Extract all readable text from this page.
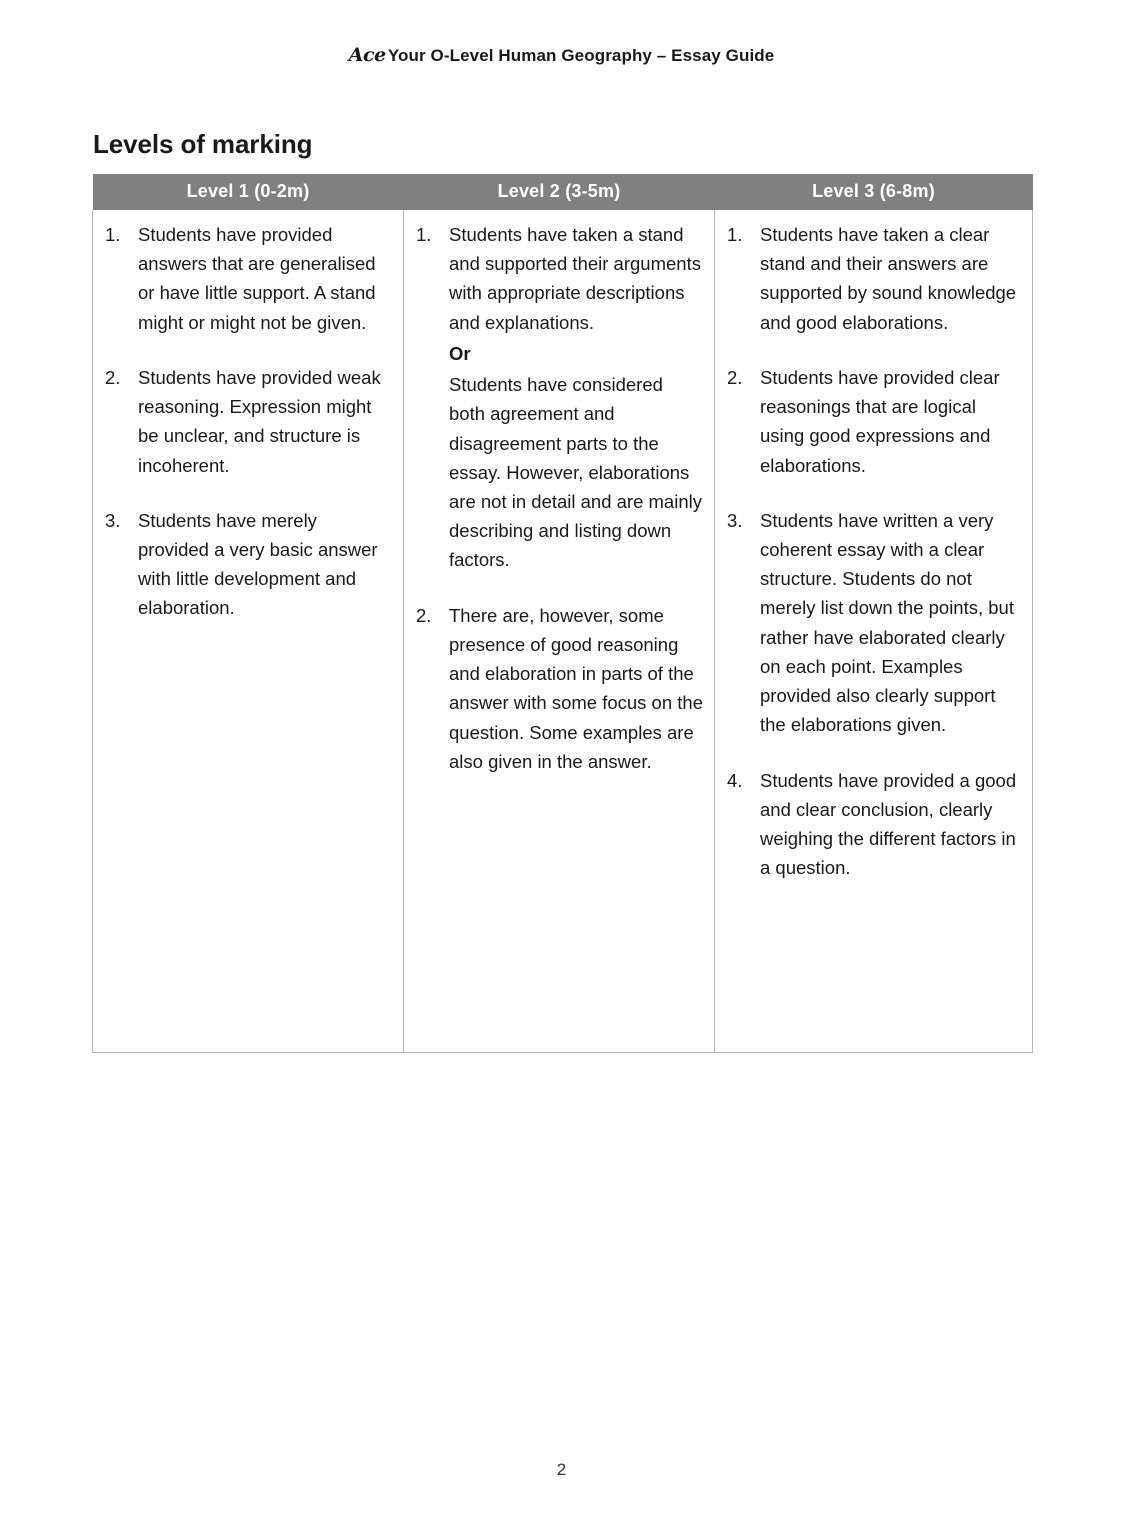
Ace Your O-Level Human Geography – Essay Guide
Levels of marking
Level 1 (0-2m)	Level 2 (3-5m)	Level 3 (6-8m)

1. Students have provided answers that are generalised or have little support. A stand might or might not be given.
2. Students have provided weak reasoning. Expression might be unclear, and structure is incoherent.
3. Students have merely provided a very basic answer with little development and elaboration.

1. Students have taken a stand and supported their arguments with appropriate descriptions and explanations.
Or
Students have considered both agreement and disagreement parts to the essay. However, elaborations are not in detail and are mainly describing and listing down factors.
2. There are, however, some presence of good reasoning and elaboration in parts of the answer with some focus on the question. Some examples are also given in the answer.

1. Students have taken a clear stand and their answers are supported by sound knowledge and good elaborations.
2. Students have provided clear reasonings that are logical using good expressions and elaborations.
3. Students have written a very coherent essay with a clear structure. Students do not merely list down the points, but rather have elaborated clearly on each point. Examples provided also clearly support the elaborations given.
4. Students have provided a good and clear conclusion, clearly weighing the different factors in a question.
2
